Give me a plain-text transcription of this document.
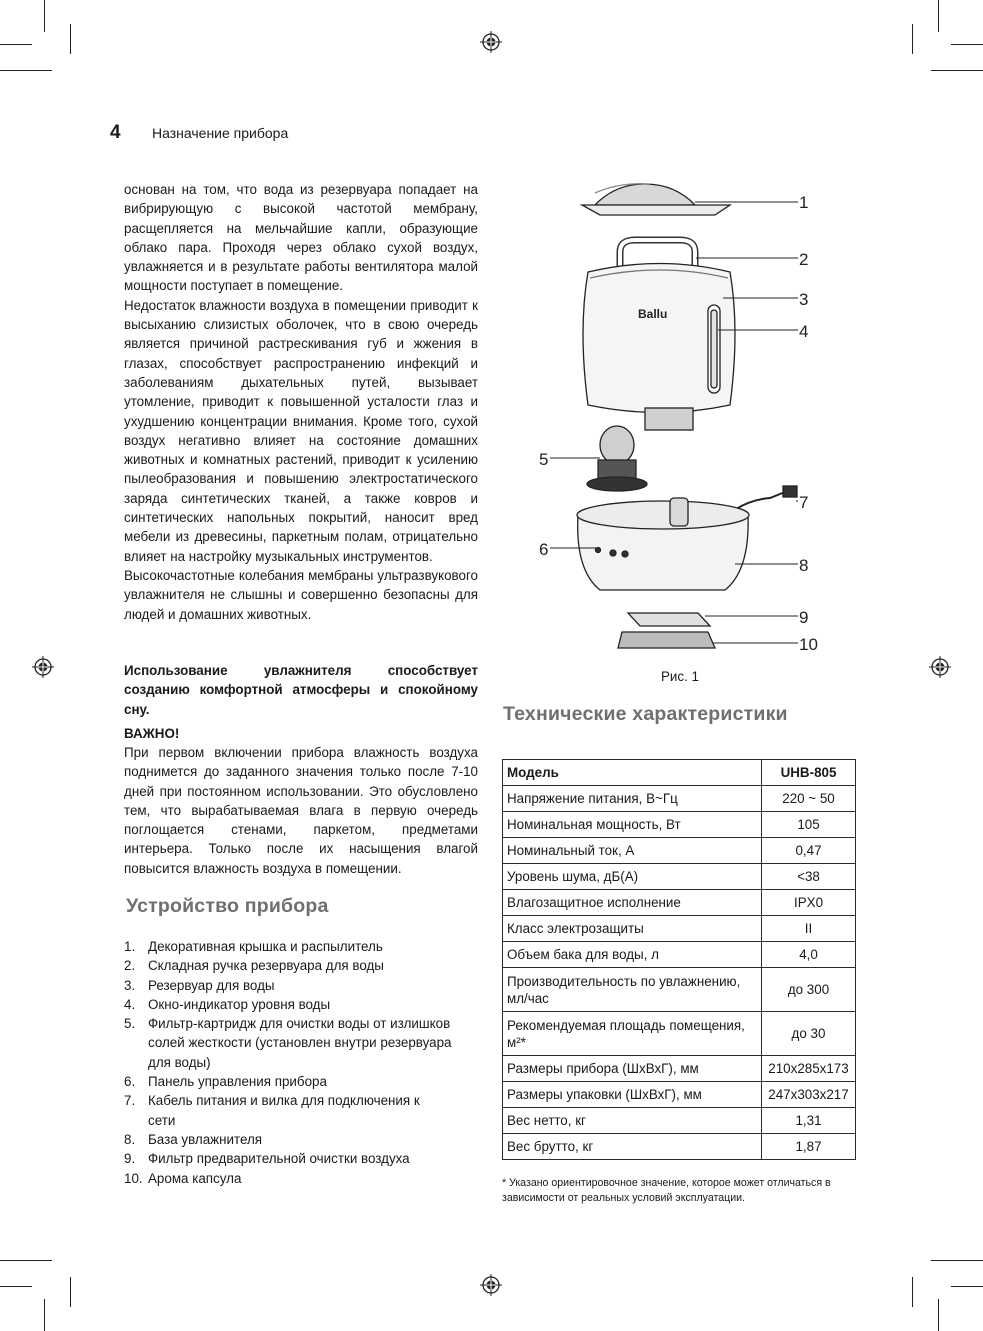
4 Назначение прибора

основан на том, что вода из резервуара попадает на вибрирующую с высокой частотой мембрану, расщепляется на мельчайшие капли, образующие облако пара. Проходя через облако сухой воздух, увлажняется и в результате работы вентилятора малой мощности поступает в помещение.

Недостаток влажности воздуха в помещении приводит к высыханию слизистых оболочек, что в свою очередь является причиной растрескивания губ и жжения в глазах, способствует распространению инфекций и заболеваниям дыхательных путей, вызывает утомление, приводит к повышенной усталости глаз и ухудшению концентрации внимания. Кроме того, сухой воздух негативно влияет на состояние домашних животных и комнатных растений, приводит к усилению пылеобразования и повышению электростатического заряда синтетических тканей, а также ковров и синтетических напольных покрытий, наносит вред мебели из древесины, паркетным полам, отрицательно влияет на настройку музыкальных инструментов.

Высокочастотные колебания мембраны ультразвукового увлажнителя не слышны и совершенно безопасны для людей и домашних животных.

Использование увлажнителя способствует созданию комфортной атмосферы и спокойному сну.
ВАЖНО!
При первом включении прибора влажность воздуха поднимется до заданного значения только после 7-10 дней при постоянном использовании. Это обусловлено тем, что вырабатываемая влага в первую очередь поглощается стенами, паркетом, предметами интерьера. Только после их насыщения влагой повысится влажность воздуха в помещении.
Устройство прибора
1. Декоративная крышка и распылитель
2. Складная ручка резервуара для воды
3. Резервуар для воды
4. Окно-индикатор уровня воды
5. Фильтр-картридж для очистки воды от излишков солей жесткости (установлен внутри резервуара для воды)
6. Панель управления прибора
7. Кабель питания и вилка для подключения к сети
8. База увлажнителя
9. Фильтр предварительной очистки воздуха
10. Арома капсула
Ballu
1
2
3
4
5
6
7
8
9
10
Рис. 1
Технические характеристики
Модель	UHB-805
Напряжение питания, В~Гц	220 ~ 50
Номинальная мощность, Вт	105
Номинальный ток, А	0,47
Уровень шума, дБ(А)	<38
Влагозащитное исполнение	IPX0
Класс электрозащиты	II
Объем бака для воды, л	4,0
Производительность по увлажнению, мл/час	до 300
Рекомендуемая площадь помещения, м²*	до 30
Размеры прибора (ШхВхГ), мм	210x285x173
Размеры упаковки (ШхВхГ), мм	247x303x217
Вес нетто, кг	1,31
Вес брутто, кг	1,87
* Указано ориентировочное значение, которое может отличаться в зависимости от реальных условий эксплуатации.
